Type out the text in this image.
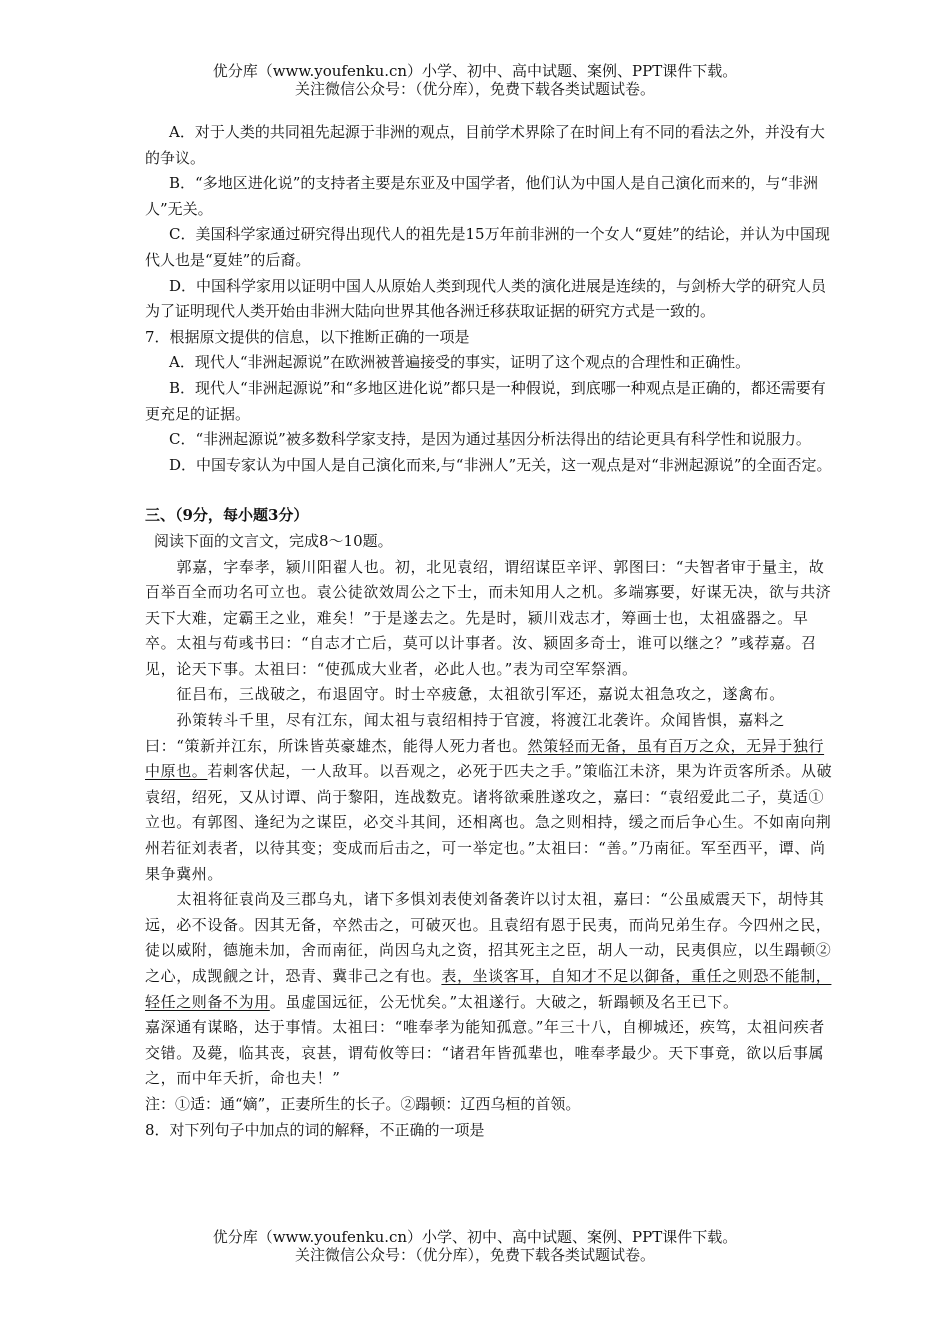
优分库（www.youfenku.cn）小学、初中、高中试题、案例、PPT课件下载。
关注微信公众号：（优分库），免费下载各类试题试卷。

A．对于人类的共同祖先起源于非洲的观点，目前学术界除了在时间上有不同的看法之外，并没有大的争议。

B．“多地区进化说”的支持者主要是东亚及中国学者，他们认为中国人是自己演化而来的，与“非洲人”无关。

C．美国科学家通过研究得出现代人的祖先是15万年前非洲的一个女人“夏娃”的结论，并认为中国现代人也是“夏娃”的后裔。

D．中国科学家用以证明中国人从原始人类到现代人类的演化进展是连续的，与剑桥大学的研究人员为了证明现代人类开始由非洲大陆向世界其他各洲迁移获取证据的研究方式是一致的。

7．根据原文提供的信息，以下推断正确的一项是

A．现代人“非洲起源说”在欧洲被普遍接受的事实，证明了这个观点的合理性和正确性。

B．现代人“非洲起源说”和“多地区进化说”都只是一种假说，到底哪一种观点是正确的，都还需要有更充足的证据。

C．“非洲起源说”被多数科学家支持，是因为通过基因分析法得出的结论更具有科学性和说服力。

D．中国专家认为中国人是自己演化而来,与“非洲人”无关，这一观点是对“非洲起源说”的全面否定。

三、（9分，每小题3分）

阅读下面的文言文，完成8～10题。

郭嘉，字奉孝，颍川阳翟人也。初，北见袁绍，谓绍谋臣辛评、郭图曰：“夫智者审于量主，故百举百全而功名可立也。袁公徒欲效周公之下士，而未知用人之机。多端寡要，好谋无决，欲与共济天下大难，定霸王之业，难矣！”于是遂去之。先是时，颍川戏志才，筹画士也，太祖盛器之。早卒。太祖与荀彧书曰：“自志才亡后，莫可以计事者。汝、颍固多奇士，谁可以继之？”彧荐嘉。召见，论天下事。太祖曰：“使孤成大业者，必此人也。”表为司空军祭酒。

征吕布，三战破之，布退固守。时士卒疲惫，太祖欲引军还，嘉说太祖急攻之，遂禽布。

孙策转斗千里，尽有江东，闻太祖与袁绍相持于官渡，将渡江北袭许。众闻皆惧，嘉料之曰：“策新并江东，所诛皆英豪雄杰，能得人死力者也。然策轻而无备，虽有百万之众，无异于独行中原也。若刺客伏起，一人敌耳。以吾观之，必死于匹夫之手。”策临江未济，果为许贡客所杀。从破袁绍，绍死，又从讨谭、尚于黎阳，连战数克。诸将欲乘胜遂攻之，嘉曰：“袁绍爱此二子，莫适①立也。有郭图、逢纪为之谋臣，必交斗其间，还相离也。急之则相持，缓之而后争心生。不如南向荆州若征刘表者，以待其变；变成而后击之，可一举定也。”太祖曰：“善。”乃南征。军至西平，谭、尚果争冀州。

太祖将征袁尚及三郡乌丸，诸下多惧刘表使刘备袭许以讨太祖，嘉曰：“公虽威震天下，胡恃其远，必不设备。因其无备，卒然击之，可破灭也。且袁绍有恩于民夷，而尚兄弟生存。今四州之民，徒以威附，德施未加，舍而南征，尚因乌丸之资，招其死主之臣，胡人一动，民夷俱应，以生蹋顿②之心，成觊觎之计，恐青、冀非己之有也。表，坐谈客耳，自知才不足以御备，重任之则恐不能制，轻任之则备不为用。虽虚国远征，公无忧矣。”太祖遂行。大破之，斩蹋顿及名王已下。

嘉深通有谋略，达于事情。太祖曰：“唯奉孝为能知孤意。”年三十八，自柳城还，疾笃，太祖问疾者交错。及薨，临其丧，哀甚，谓荀攸等曰：“诸君年皆孤辈也，唯奉孝最少。天下事竟，欲以后事属之，而中年夭折，命也夫！”

注：①适：通“嫡”，正妻所生的长子。②蹋顿：辽西乌桓的首领。

8．对下列句子中加点的词的解释，不正确的一项是

优分库（www.youfenku.cn）小学、初中、高中试题、案例、PPT课件下载。
关注微信公众号：（优分库），免费下载各类试题试卷。
